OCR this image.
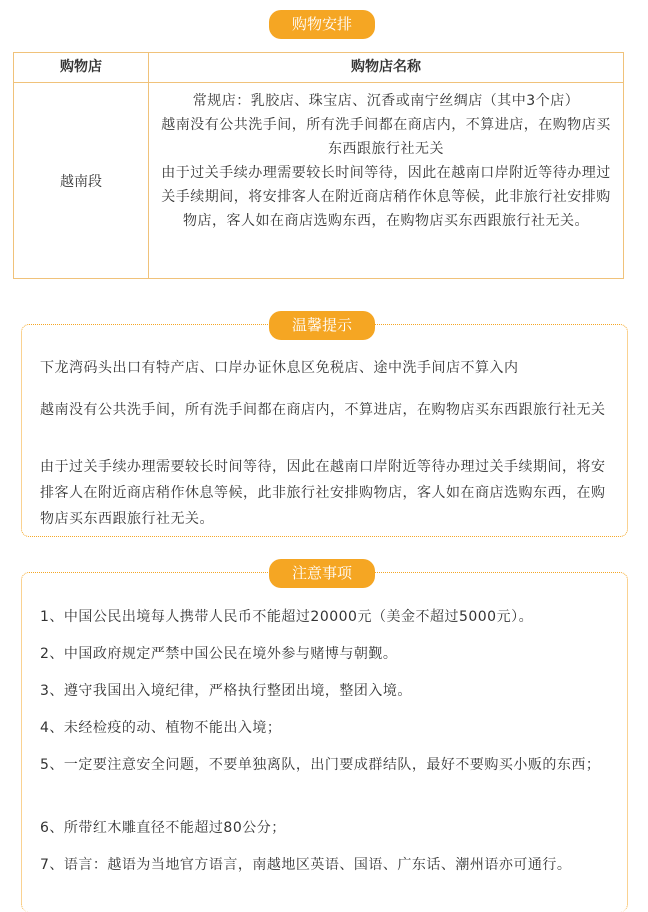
购物安排
购物店	购物店名称
越南段

常规店：乳胶店、珠宝店、沉香或南宁丝绸店（其中3个店）

越南没有公共洗手间，所有洗手间都在商店内，不算进店，在购物店买东西跟旅行社无关

由于过关手续办理需要较长时间等待，因此在越南口岸附近等待办理过关手续期间，将安排客人在附近商店稍作休息等候，此非旅行社安排购物店，客人如在商店选购东西，在购物店买东西跟旅行社无关。

温馨提示

下龙湾码头出口有特产店、口岸办证休息区免税店、途中洗手间店不算入内

越南没有公共洗手间，所有洗手间都在商店内，不算进店，在购物店买东西跟旅行社无关

由于过关手续办理需要较长时间等待，因此在越南口岸附近等待办理过关手续期间，将安排客人在附近商店稍作休息等候，此非旅行社安排购物店，客人如在商店选购东西，在购物店买东西跟旅行社无关。

注意事项
1、中国公民出境每人携带人民币不能超过20000元（美金不超过5000元）。
2、中国政府规定严禁中国公民在境外参与赌博与朝觐。
3、遵守我国出入境纪律，严格执行整团出境，整团入境。
4、未经检疫的动、植物不能出入境；
5、一定要注意安全问题，不要单独离队，出门要成群结队，最好不要购买小贩的东西；
6、所带红木雕直径不能超过80公分；
7、语言：越语为当地官方语言，南越地区英语、国语、广东话、潮州语亦可通行。
